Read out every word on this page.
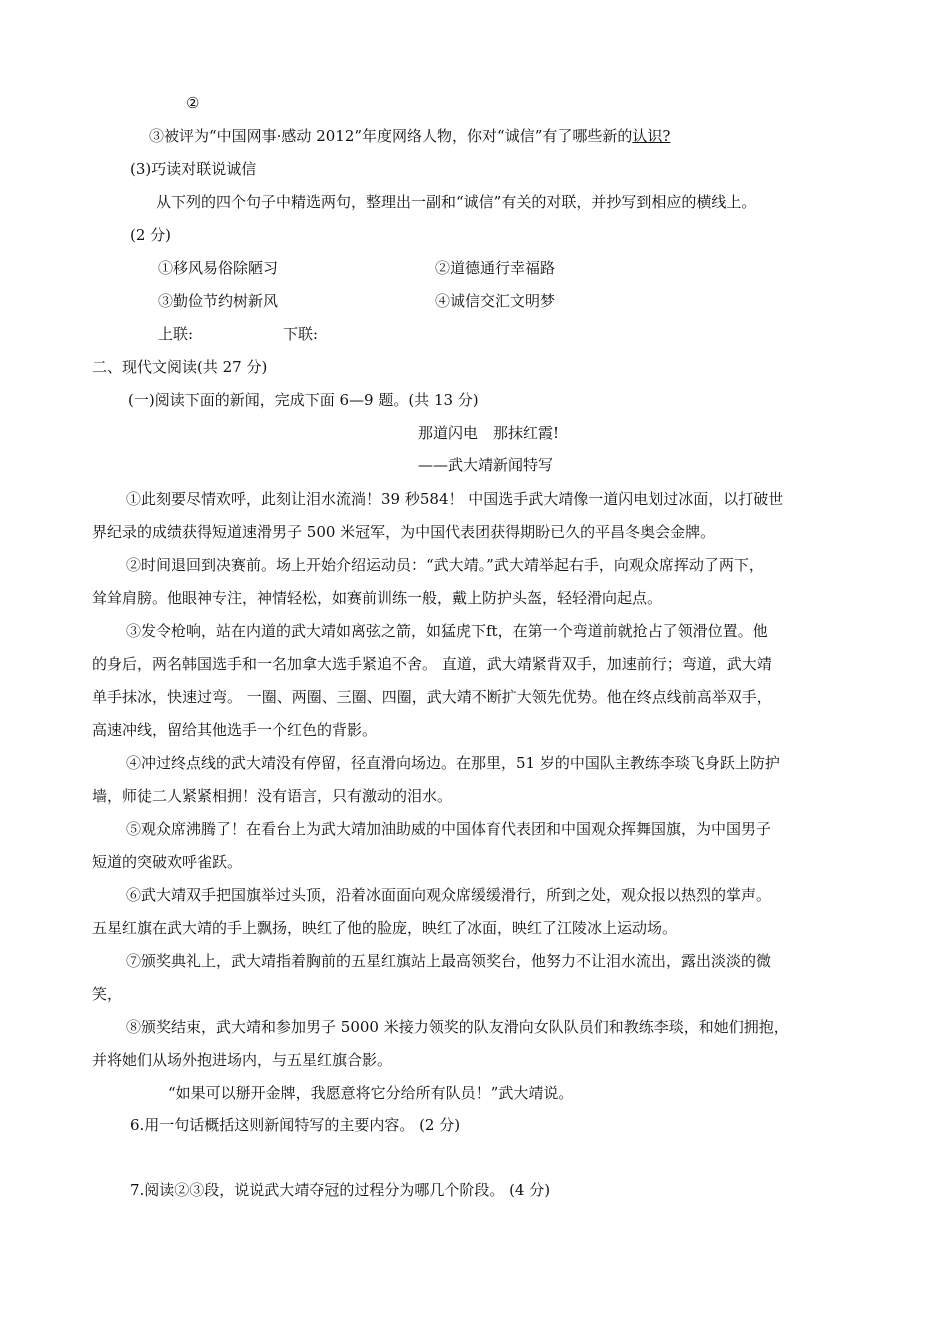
②
③被评为“中国网事·感动 2012”年度网络人物，你对“诚信”有了哪些新的认识?
(3)巧读对联说诚信
从下列的四个句子中精选两句，整理出一副和“诚信”有关的对联，并抄写到相应的横线上。
(2 分)
①移风易俗除陋习	②道德通行幸福路
③勤俭节约树新风	④诚信交汇文明梦
上联:	下联:
二、现代文阅读(共 27 分)
(一)阅读下面的新闻，完成下面 6—9 题。(共 13 分)
那道闪电　那抹红霞!
——武大靖新闻特写
①此刻要尽情欢呼，此刻让泪水流淌！39 秒584！ 中国选手武大靖像一道闪电划过冰面，以打破世
界纪录的成绩获得短道速滑男子 500 米冠军，为中国代表团获得期盼已久的平昌冬奥会金牌。
②时间退回到决赛前。场上开始介绍运动员：“武大靖。”武大靖举起右手，向观众席挥动了两下，
耸耸肩膀。他眼神专注，神情轻松，如赛前训练一般，戴上防护头盔，轻轻滑向起点。
③发令枪响，站在内道的武大靖如离弦之箭，如猛虎下ft，在第一个弯道前就抢占了领滑位置。他
的身后，两名韩国选手和一名加拿大选手紧追不舍。 直道，武大靖紧背双手，加速前行；弯道，武大靖
单手抹冰，快速过弯。 一圈、两圈、三圈、四圈，武大靖不断扩大领先优势。他在终点线前高举双手，
高速冲线，留给其他选手一个红色的背影。
④冲过终点线的武大靖没有停留，径直滑向场边。在那里，51 岁的中国队主教练李琰飞身跃上防护
墙，师徒二人紧紧相拥！没有语言，只有激动的泪水。
⑤观众席沸腾了！在看台上为武大靖加油助威的中国体育代表团和中国观众挥舞国旗，为中国男子
短道的突破欢呼雀跃。
⑥武大靖双手把国旗举过头顶，沿着冰面面向观众席缓缓滑行，所到之处，观众报以热烈的掌声。
五星红旗在武大靖的手上飘扬，映红了他的脸庞，映红了冰面，映红了江陵冰上运动场。
⑦颁奖典礼上，武大靖指着胸前的五星红旗站上最高领奖台，他努力不让泪水流出，露出淡淡的微
笑，
⑧颁奖结束，武大靖和参加男子 5000 米接力领奖的队友滑向女队队员们和教练李琰，和她们拥抱，
并将她们从场外抱进场内，与五星红旗合影。
“如果可以掰开金牌，我愿意将它分给所有队员！”武大靖说。
6.用一句话概括这则新闻特写的主要内容。 (2 分)
7.阅读②③段，说说武大靖夺冠的过程分为哪几个阶段。 (4 分)
